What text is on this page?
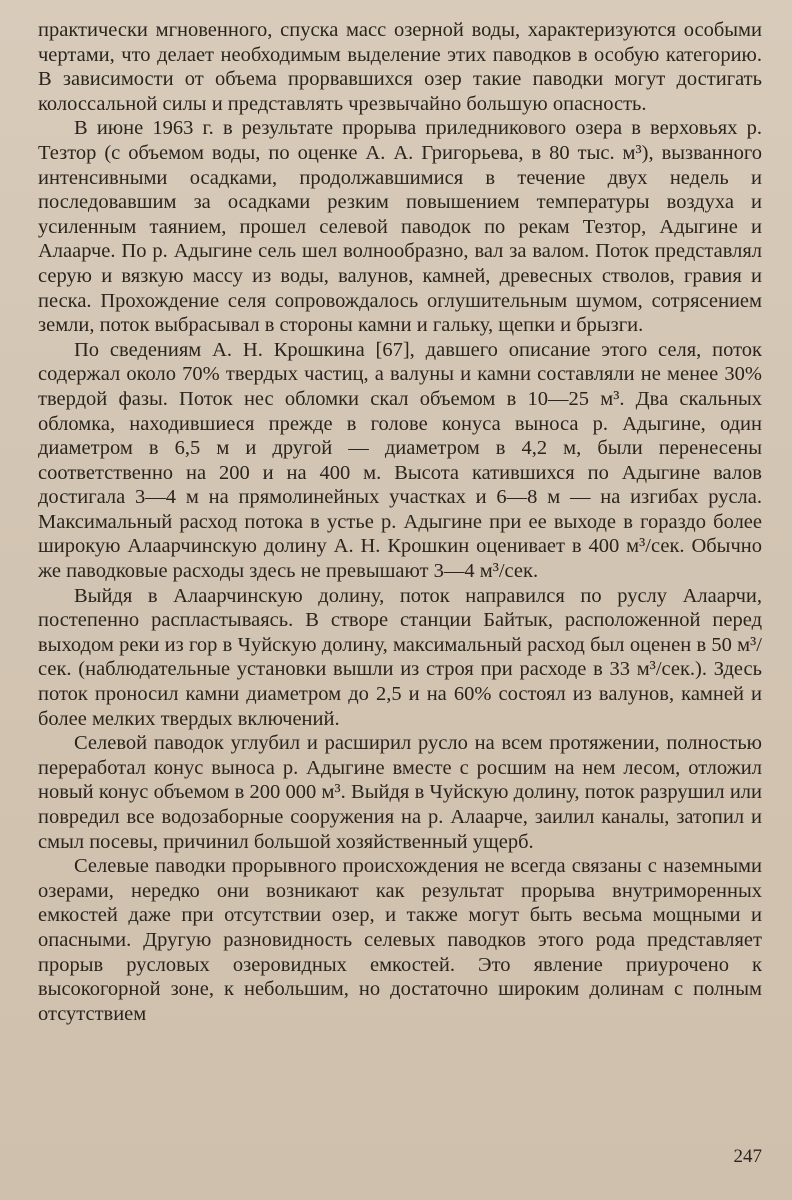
практически мгновенного, спуска масс озерной воды, характеризуются особыми чертами, что делает необходимым выделение этих паводков в особую категорию. В зависимости от объема прорвавшихся озер такие паводки могут достигать колоссальной силы и представлять чрезвычайно большую опасность.

В июне 1963 г. в результате прорыва приледникового озера в верховьях р. Тезтор (с объемом воды, по оценке А. А. Григорьева, в 80 тыс. м³), вызванного интенсивными осадками, продолжавшимися в течение двух недель и последовавшим за осадками резким повышением температуры воздуха и усиленным таянием, прошел селевой паводок по рекам Тезтор, Адыгине и Алаарче. По р. Адыгине сель шел волнообразно, вал за валом. Поток представлял серую и вязкую массу из воды, валунов, камней, древесных стволов, гравия и песка. Прохождение селя сопровождалось оглушительным шумом, сотрясением земли, поток выбрасывал в стороны камни и гальку, щепки и брызги.

По сведениям А. Н. Крошкина [67], давшего описание этого селя, поток содержал около 70% твердых частиц, а валуны и камни составляли не менее 30% твердой фазы. Поток нес обломки скал объемом в 10—25 м³. Два скальных обломка, находившиеся прежде в голове конуса выноса р. Адыгине, один диаметром в 6,5 м и другой — диаметром в 4,2 м, были перенесены соответственно на 200 и на 400 м. Высота катившихся по Адыгине валов достигала 3—4 м на прямолинейных участках и 6—8 м — на изгибах русла. Максимальный расход потока в устье р. Адыгине при ее выходе в гораздо более широкую Алаарчинскую долину А. Н. Крошкин оценивает в 400 м³/сек. Обычно же паводковые расходы здесь не превышают 3—4 м³/сек.

Выйдя в Алаарчинскую долину, поток направился по руслу Алаарчи, постепенно распластываясь. В створе станции Байтык, расположенной перед выходом реки из гор в Чуйскую долину, максимальный расход был оценен в 50 м³/сек. (наблюдательные установки вышли из строя при расходе в 33 м³/сек.). Здесь поток проносил камни диаметром до 2,5 и на 60% состоял из валунов, камней и более мелких твердых включений.

Селевой паводок углубил и расширил русло на всем протяжении, полностью переработал конус выноса р. Адыгине вместе с росшим на нем лесом, отложил новый конус объемом в 200 000 м³. Выйдя в Чуйскую долину, поток разрушил или повредил все водозаборные сооружения на р. Алаарче, заилил каналы, затопил и смыл посевы, причинил большой хозяйственный ущерб.

Селевые паводки прорывного происхождения не всегда связаны с наземными озерами, нередко они возникают как результат прорыва внутриморенных емкостей даже при отсутствии озер, и также могут быть весьма мощными и опасными. Другую разновидность селевых паводков этого рода представляет прорыв русловых озеровидных емкостей. Это явление приурочено к высокогорной зоне, к небольшим, но достаточно широким долинам с полным отсутствием

247
